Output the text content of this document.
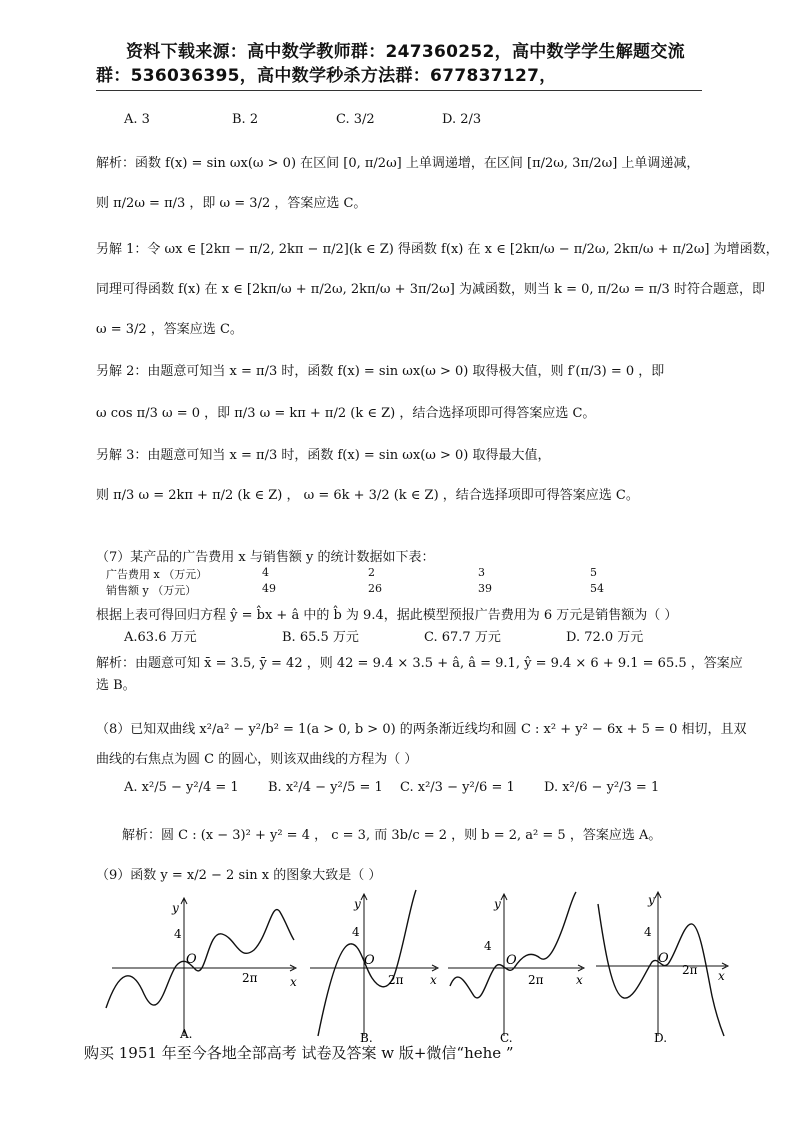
资料下载来源：高中数学教师群：247360252，高中数学学生解题交流
群：536036395，高中数学秒杀方法群：677837127，
A. 3	B. 2	C. 3/2	D. 2/3
解析：函数 f(x) = sin ωx(ω > 0) 在区间 [0, π/2ω] 上单调递增，在区间 [π/2ω, 3π/2ω] 上单调递减，
则 π/2ω = π/3 ，即 ω = 3/2 ，答案应选 C。
另解 1：令 ωx ∈ [2kπ − π/2, 2kπ − π/2](k ∈ Z) 得函数 f(x) 在 x ∈ [2kπ/ω − π/2ω, 2kπ/ω + π/2ω] 为增函数，
同理可得函数 f(x) 在 x ∈ [2kπ/ω + π/2ω, 2kπ/ω + 3π/2ω] 为减函数，则当 k = 0, π/2ω = π/3 时符合题意，即
ω = 3/2 ，答案应选 C。
另解 2：由题意可知当 x = π/3 时，函数 f(x) = sin ωx(ω > 0) 取得极大值，则 f′(π/3) = 0 ，即
ω cos π/3 ω = 0 ，即 π/3 ω = kπ + π/2 (k ∈ Z) ，结合选择项即可得答案应选 C。
另解 3：由题意可知当 x = π/3 时，函数 f(x) = sin ωx(ω > 0) 取得最大值，
则 π/3 ω = 2kπ + π/2 (k ∈ Z) ， ω = 6k + 3/2 (k ∈ Z) ，结合选择项即可得答案应选 C。
（7）某产品的广告费用 x 与销售额 y 的统计数据如下表：
广告费用 x （万元）	4	2	3	5
销售额 y （万元）	49	26	39	54
根据上表可得回归方程 ŷ = b̂x + â 中的 b̂ 为 9.4，据此模型预报广告费用为 6 万元是销售额为（ ）
A.63.6 万元	B. 65.5 万元	C. 67.7 万元	D. 72.0 万元
解析：由题意可知 x̄ = 3.5, ȳ = 42 ，则 42 = 9.4 × 3.5 + â, â = 9.1, ŷ = 9.4 × 6 + 9.1 = 65.5 ，答案应
选 B。
（8）已知双曲线 x²/a² − y²/b² = 1(a > 0, b > 0) 的两条渐近线均和圆 C : x² + y² − 6x + 5 = 0 相切，且双
曲线的右焦点为圆 C 的圆心，则该双曲线的方程为（ ）
A. x²/5 − y²/4 = 1 B. x²/4 − y²/5 = 1 C. x²/3 − y²/6 = 1 D. x²/6 − y²/3 = 1
解析：圆 C : (x − 3)² + y² = 4 ， c = 3, 而 3b/c = 2 ，则 b = 2, a² = 5 ，答案应选 A。
（9）函数 y = x/2 − 2 sin x 的图象大致是（ ）
y
4
O
2π	x
A.
y
4
O
2π x
B.
y
4
O
2π	x
C.
y
4
O
2π x
D.
购买 1951 年至今各地全部高考 试卷及答案 w 版+微信“hehe ”
